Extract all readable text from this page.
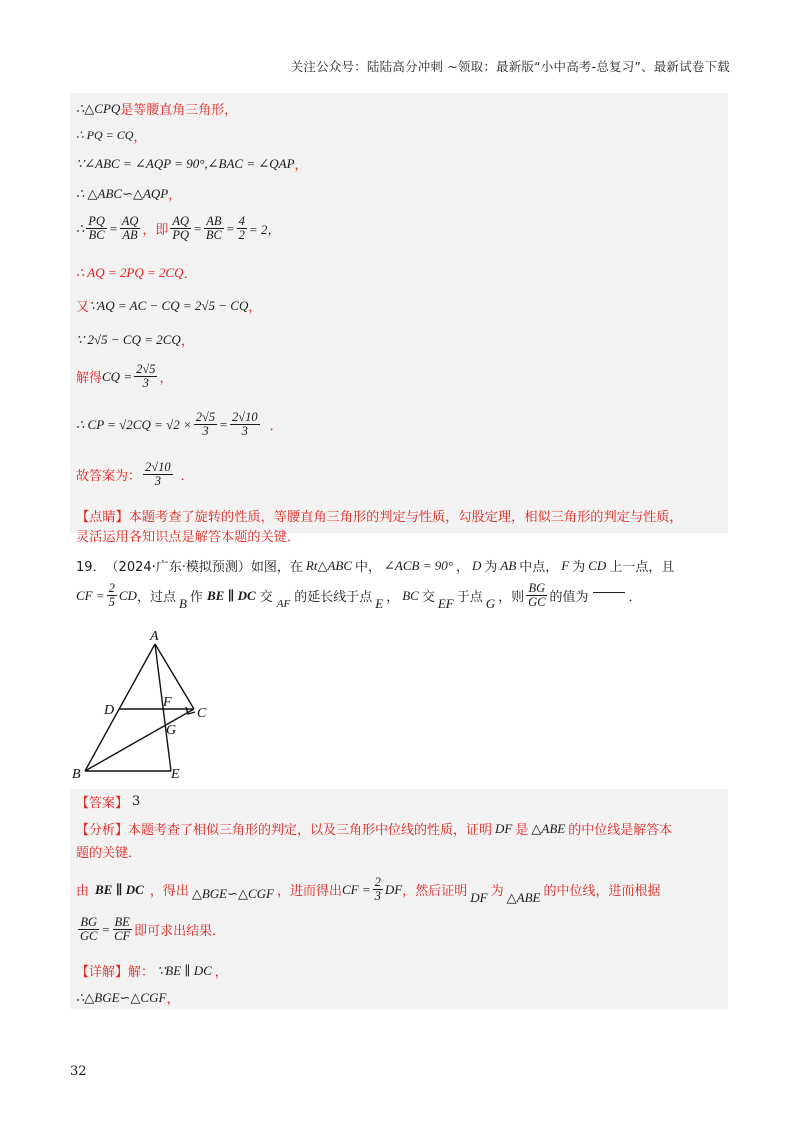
关注公众号：陆陆高分冲刺 ~领取：最新版“小中高考-总复习”、最新试卷下载
∴△CPQ 是等腰直角三角形，
∴ PQ = CQ ，
∵∠ABC = ∠AQP = 90°,∠BAC = ∠QAP ，
∴ △ABC∽△AQP ，
∴ $\frac{PQ}{BC} = \frac{AQ}{AB}$ ，即 $\frac{AQ}{PQ} = \frac{AB}{BC} = \frac{4}{2} = 2$，
∴ AQ = 2PQ = 2CQ ．
又 ∵AQ = AC − CQ = 2√5 − CQ ，
∵ 2√5 − CQ = 2CQ ，
解得 CQ = $\frac{2√5}{3}$ ，
∴ CP = $√2CQ = √2 \times \frac{2√5}{3} = \frac{2√10}{3}$ ．
故答案为： $\frac{2√10}{3}$ ．
【点睛】 本题考查了旋转的性质，等腰直角三角形的判定与性质，勾股定理，相似三角形的判定与性质，
灵活运用各知识点是解答本题的关键．
19． （2024·广东·模拟预测）如图，在 Rt△ABC 中， ∠ACB = 90° ， D 为 AB 中点， F 为 CD 上一点，且
CF = $\frac{2}{5}$ CD ，过点 B 作 BE ∥ DC 交 AF 的延长线于点 E ， BC 交 EF 于点 G ，则 $\frac{BG}{GC}$ 的值为	．
A
D
F
C
G
B	E
【答案】 3
【分析】 本题考查了相似三角形的判定，以及三角形中位线的性质，证明 DF 是 △ABE 的中位线是解答本
题的关键．
由 BE ∥ DC ，得出 △BGE∽△CGF ，进而得出 CF = $\frac{2}{3}$ DF ，然后证明 DF 为 △ABE 的中位线，进而根据
$\frac{BG}{GC} = \frac{BE}{CF}$ 即可求出结果．
【详解】 解： ∵BE ∥ DC ，
∴△BGE∽△CGF ，
32
